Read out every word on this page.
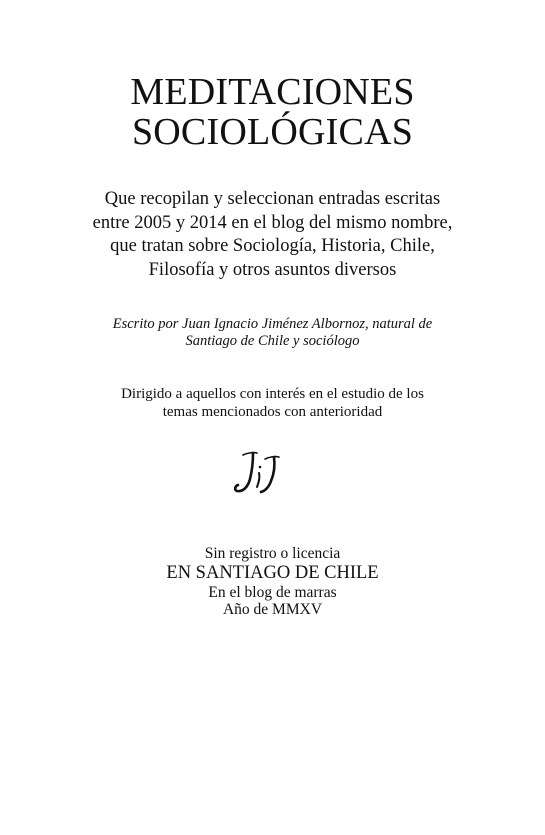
MEDITACIONES
SOCIOLÓGICAS
Que recopilan y seleccionan entradas escritas
entre 2005 y 2014 en el blog del mismo nombre,
que tratan sobre Sociología, Historia, Chile,
Filosofía y otros asuntos diversos
Escrito por Juan Ignacio Jiménez Albornoz, natural de
Santiago de Chile y sociólogo
Dirigido a aquellos con interés en el estudio de los
temas mencionados con anterioridad
Sin registro o licencia
EN SANTIAGO DE CHILE
En el blog de marras
Año de MMXV
